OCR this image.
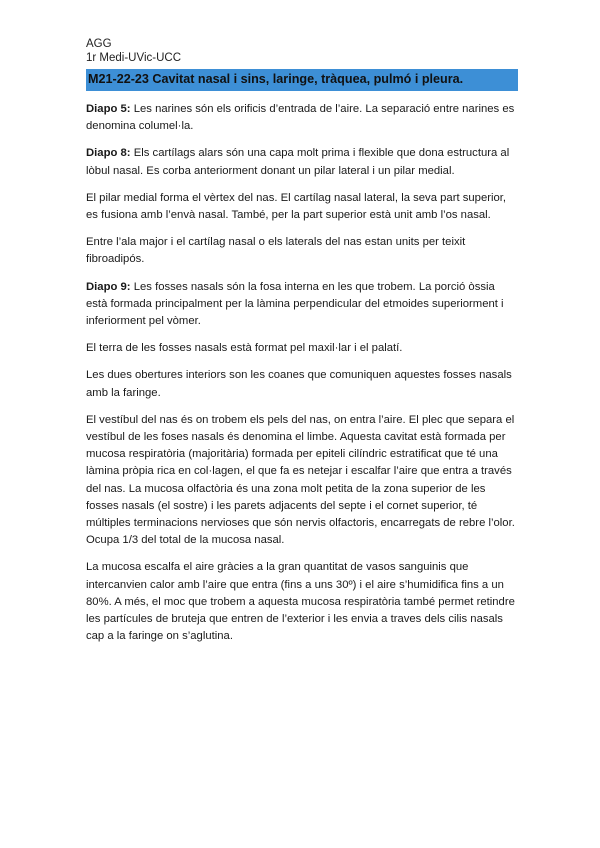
AGG
1r Medi-UVic-UCC
M21-22-23 Cavitat nasal i sins, laringe, tràquea, pulmó i pleura.
Diapo 5: Les narines són els orificis d’entrada de l’aire. La separació entre narines es denomina columel·la.
Diapo 8: Els cartílags alars són una capa molt prima i flexible que dona estructura al lòbul nasal. Es corba anteriorment donant un pilar lateral i un pilar medial.
El pilar medial forma el vèrtex del nas. El cartílag nasal lateral, la seva part superior, es fusiona amb l’envà nasal. També, per la part superior està unit amb l’os nasal.
Entre l’ala major i el cartílag nasal o els laterals del nas estan units per teixit fibroadipós.
Diapo 9: Les fosses nasals són la fosa interna en les que trobem. La porció òssia està formada principalment per la làmina perpendicular del etmoides superiorment i inferiorment pel vòmer.
El terra de les fosses nasals està format pel maxil·lar i el palatí.
Les dues obertures interiors son les coanes que comuniquen aquestes fosses nasals amb la faringe.
El vestíbul del nas és on trobem els pels del nas, on entra l’aire. El plec que separa el vestíbul de les foses nasals és denomina el limbe. Aquesta cavitat està formada per mucosa respiratòria (majoritària) formada per epiteli cilíndric estratificat que té una làmina pròpia rica en col·lagen, el que fa es netejar i escalfar l’aire que entra a través del nas. La mucosa olfactòria és una zona molt petita de la zona superior de les fosses nasals (el sostre) i les parets adjacents del septe i el cornet superior, té múltiples terminacions nervioses que són nervis olfactoris, encarregats de rebre l’olor. Ocupa 1/3 del total de la mucosa nasal.
La mucosa escalfa el aire gràcies a la gran quantitat de vasos sanguinis que intercanvien calor amb l’aire que entra (fins a uns 30º) i el aire s’humidifica fins a un 80%. A més, el moc que trobem a aquesta mucosa respiratòria també permet retindre les partícules de bruteja que entren de l’exterior i les envia a traves dels cilis nasals cap a la faringe on s’aglutina.
